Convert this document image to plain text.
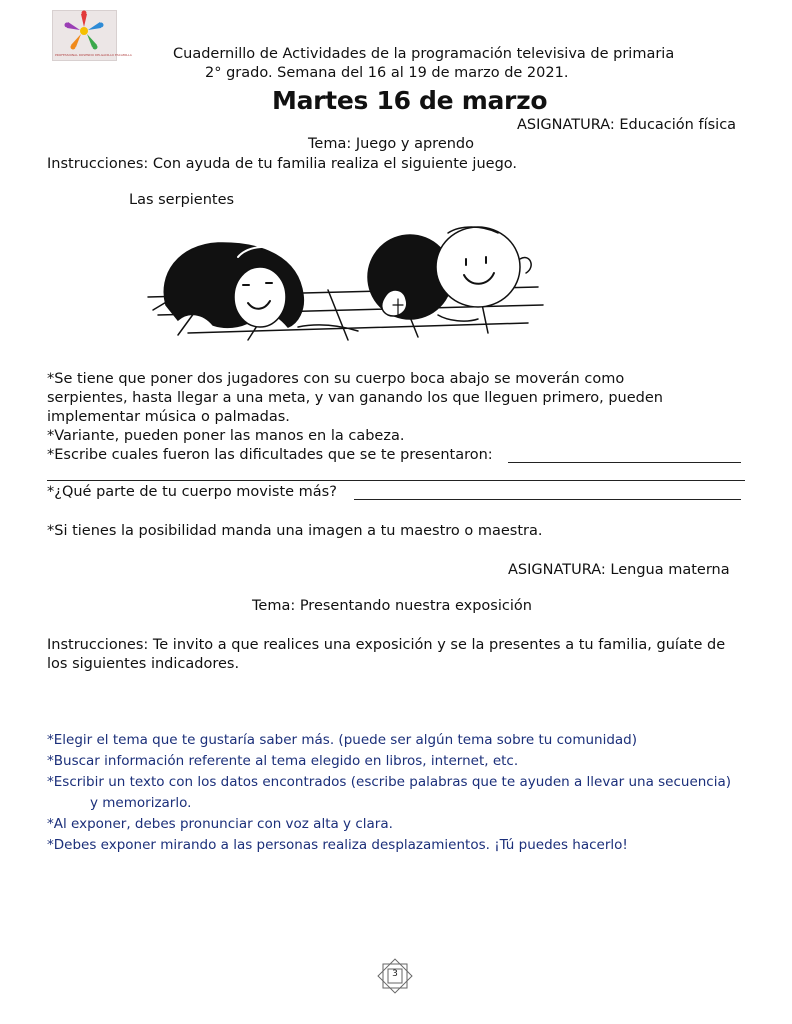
PROFESSIONAL ROSENDO DELGADILLO ESCAMILLA	Cuadernillo de Actividades de la programación televisiva de primaria
2° grado. Semana del 16 al 19 de marzo de 2021.
Martes 16 de marzo
ASIGNATURA: Educación física
Tema: Juego y aprendo
Instrucciones: Con ayuda de tu familia realiza el siguiente juego.
Las serpientes
*Se tiene que poner dos jugadores con su cuerpo boca abajo se moverán como
serpientes, hasta llegar a una meta, y van ganando los que lleguen primero, pueden
implementar música o palmadas.
*Variante, pueden poner las manos en la cabeza.
*Escribe cuales fueron las dificultades que se te presentaron:
*¿Qué parte de tu cuerpo moviste más?
*Si tienes la posibilidad manda una imagen a tu maestro o maestra.
ASIGNATURA: Lengua materna
Tema: Presentando nuestra exposición
Instrucciones: Te invito a que realices una exposición y se la presentes a tu familia, guíate de
los siguientes indicadores.
*Elegir el tema que te gustaría saber más. (puede ser algún tema sobre tu comunidad)
*Buscar información referente al tema elegido en libros, internet, etc.
*Escribir un texto con los datos encontrados (escribe palabras que te ayuden a llevar una secuencia)
y memorizarlo.
*Al exponer, debes pronunciar con voz alta y clara.
*Debes exponer mirando a las personas realiza desplazamientos. ¡Tú puedes hacerlo!
3
